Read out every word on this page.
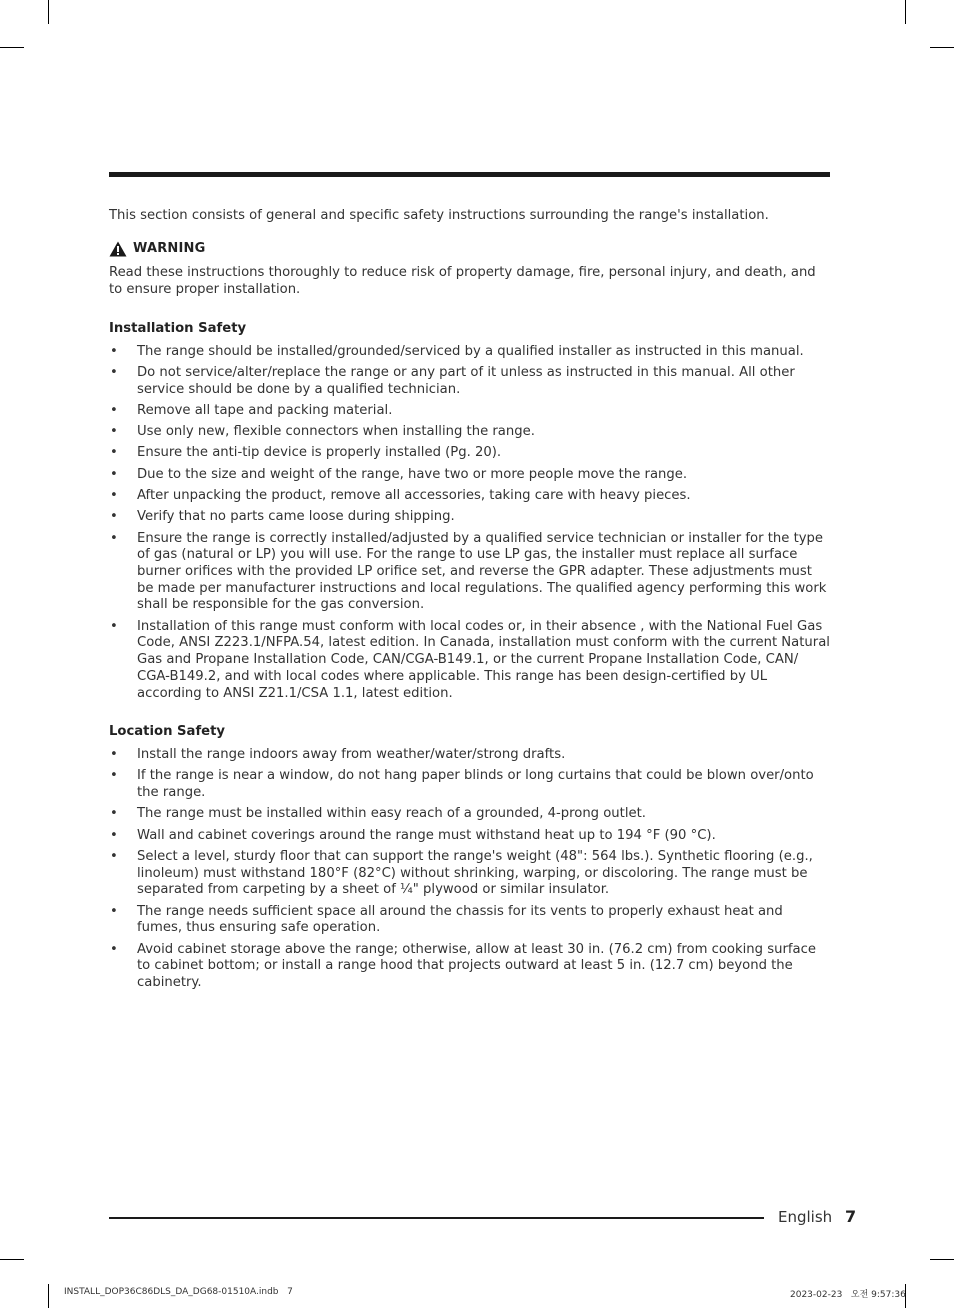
This section consists of general and specific safety instructions surrounding the range's installation.

WARNING

Read these instructions thoroughly to reduce risk of property damage, fire, personal injury, and death, and to ensure proper installation.

Installation Safety
• The range should be installed/grounded/serviced by a qualified installer as instructed in this manual.
• Do not service/alter/replace the range or any part of it unless as instructed in this manual. All other service should be done by a qualified technician.
• Remove all tape and packing material.
• Use only new, flexible connectors when installing the range.
• Ensure the anti-tip device is properly installed (Pg. 20).
• Due to the size and weight of the range, have two or more people move the range.
• After unpacking the product, remove all accessories, taking care with heavy pieces.
• Verify that no parts came loose during shipping.
• Ensure the range is correctly installed/adjusted by a qualified service technician or installer for the type of gas (natural or LP) you will use. For the range to use LP gas, the installer must replace all surface burner orifices with the provided LP orifice set, and reverse the GPR adapter. These adjustments must be made per manufacturer instructions and local regulations. The qualified agency performing this work shall be responsible for the gas conversion.
• Installation of this range must conform with local codes or, in their absence , with the National Fuel Gas Code, ANSI Z223.1/NFPA.54, latest edition. In Canada, installation must conform with the current Natural Gas and Propane Installation Code, CAN/CGA-B149.1, or the current Propane Installation Code, CAN/ CGA-B149.2, and with local codes where applicable. This range has been design-certified by UL according to ANSI Z21.1/CSA 1.1, latest edition.
Location Safety
• Install the range indoors away from weather/water/strong drafts.
• If the range is near a window, do not hang paper blinds or long curtains that could be blown over/onto the range.
• The range must be installed within easy reach of a grounded, 4-prong outlet.
• Wall and cabinet coverings around the range must withstand heat up to 194 °F (90 °C).
• Select a level, sturdy floor that can support the range's weight (48": 564 lbs.). Synthetic flooring (e.g., linoleum) must withstand 180°F (82°C) without shrinking, warping, or discoloring. The range must be separated from carpeting by a sheet of ¼" plywood or similar insulator.
• The range needs sufficient space all around the chassis for its vents to properly exhaust heat and fumes, thus ensuring safe operation.
• Avoid cabinet storage above the range; otherwise, allow at least 30 in. (76.2 cm) from cooking surface to cabinet bottom; or install a range hood that projects outward at least 5 in. (12.7 cm) beyond the cabinetry.
English 7
INSTALL_DOP36C86DLS_DA_DG68-01510A.indb   7	2023-02-23   오전 9:57:36
